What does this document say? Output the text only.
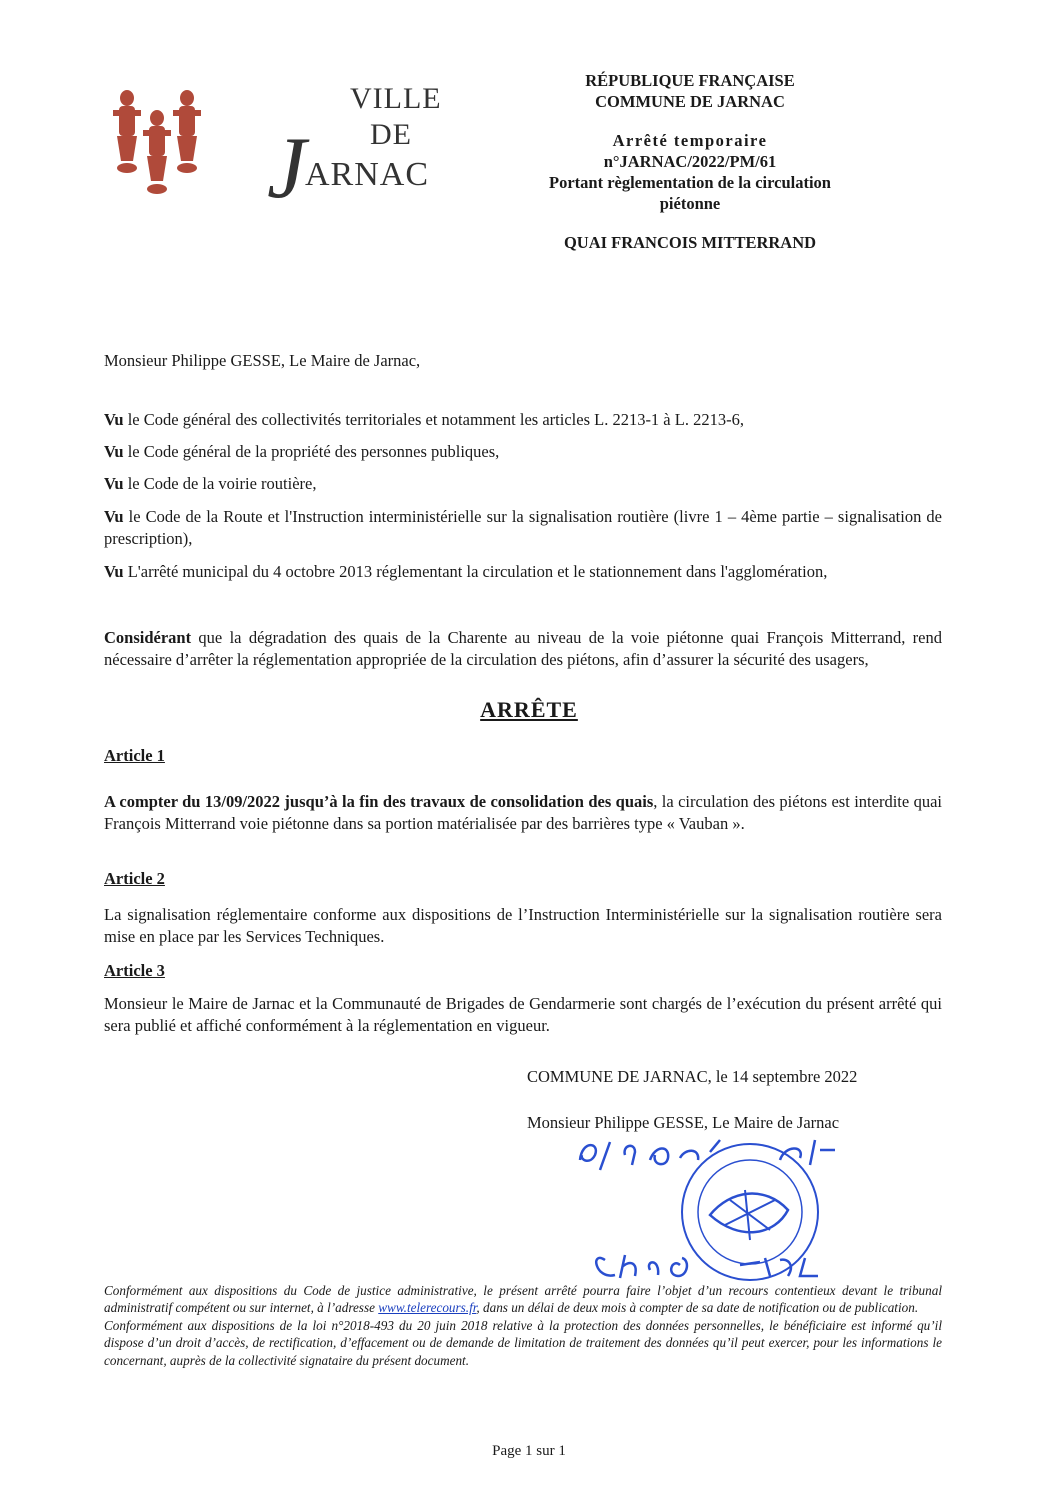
VILLE
DE
J
ARNAC
RÉPUBLIQUE FRANÇAISE
COMMUNE DE JARNAC
Arrêté temporaire
n°JARNAC/2022/PM/61
Portant règlementation de la circulation
piétonne
QUAI FRANCOIS MITTERRAND
Monsieur Philippe GESSE, Le Maire de Jarnac,
Vu le Code général des collectivités territoriales et notamment les articles L. 2213-1 à L. 2213-6,
Vu le Code général de la propriété des personnes publiques,
Vu le Code de la voirie routière,
Vu le Code de la Route et l'Instruction interministérielle sur la signalisation routière (livre 1 – 4ème partie – signalisation de prescription),
Vu L'arrêté municipal du 4 octobre 2013 réglementant la circulation et le stationnement dans l'agglomération,
Considérant que la dégradation des quais de la Charente au niveau de la voie piétonne quai François Mitterrand, rend nécessaire d’arrêter la réglementation appropriée de la circulation des piétons, afin d’assurer la sécurité des usagers,
ARRÊTE
Article 1
A compter du 13/09/2022 jusqu’à la fin des travaux de consolidation des quais, la circulation des piétons est interdite quai François Mitterrand voie piétonne dans sa portion matérialisée par des barrières type « Vauban ».
Article 2
La signalisation réglementaire conforme aux dispositions de l’Instruction Interministérielle sur la signalisation routière sera mise en place par les Services Techniques.
Article 3
Monsieur le Maire de Jarnac et la Communauté de Brigades de Gendarmerie sont chargés de l’exécution du présent arrêté qui sera publié et affiché conformément à la réglementation en vigueur.
COMMUNE DE JARNAC, le 14 septembre 2022
Monsieur Philippe GESSE, Le Maire de Jarnac
Conformément aux dispositions du Code de justice administrative, le présent arrêté pourra faire l’objet d’un recours contentieux devant le tribunal administratif compétent ou sur internet, à l’adresse www.telerecours.fr, dans un délai de deux mois à compter de sa date de notification ou de publication.
Conformément aux dispositions de la loi n°2018-493 du 20 juin 2018 relative à la protection des données personnelles, le bénéficiaire est informé qu’il dispose d’un droit d’accès, de rectification, d’effacement ou de demande de limitation de traitement des données qu’il peut exercer, pour les informations le concernant, auprès de la collectivité signataire du présent document.
Page 1 sur 1
